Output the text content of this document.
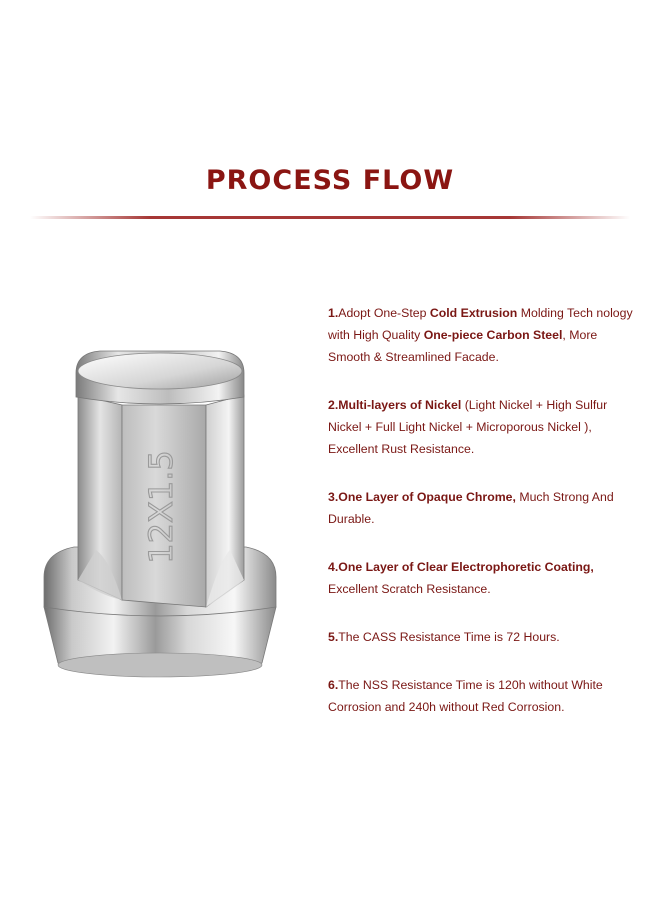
PROCESS FLOW
12X1.5

1.Adopt One-Step Cold Extrusion Molding Tech nology with High Quality One-piece Carbon Steel, More Smooth & Streamlined Facade.

2.Multi-layers of Nickel (Light Nickel + High Sulfur Nickel + Full Light Nickel + Microporous Nickel ), Excellent Rust Resistance.

3.One Layer of Opaque Chrome, Much Strong And Durable.

4.One Layer of Clear Electrophoretic Coating, Excellent Scratch Resistance.

5.The CASS Resistance Time is 72 Hours.

6.The NSS Resistance Time is 120h without White Corrosion and 240h without Red Corrosion.
